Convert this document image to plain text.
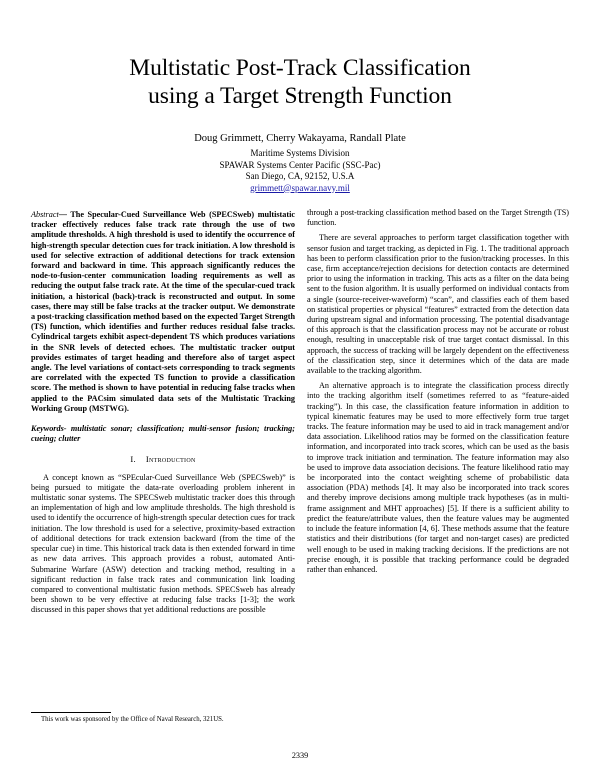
Multistatic Post-Track Classification
using a Target Strength Function
Doug Grimmett, Cherry Wakayama, Randall Plate
Maritime Systems Division
SPAWAR Systems Center Pacific (SSC-Pac)
San Diego, CA, 92152, U.S.A
grimmett@spawar.navy.mil

Abstract— The Specular-Cued Surveillance Web (SPECSweb) multistatic tracker effectively reduces false track rate through the use of two amplitude thresholds. A high threshold is used to identify the occurrence of high-strength specular detection cues for track initiation. A low threshold is used for selective extraction of additional detections for track extension forward and backward in time. This approach significantly reduces the node-to-fusion-center communication loading requirements as well as reducing the output false track rate. At the time of the specular-cued track initiation, a historical (back)-track is reconstructed and output. In some cases, there may still be false tracks at the tracker output. We demonstrate a post-tracking classification method based on the expected Target Strength (TS) function, which identifies and further reduces residual false tracks. Cylindrical targets exhibit aspect-dependent TS which produces variations in the SNR levels of detected echoes. The multistatic tracker output provides estimates of target heading and therefore also of target aspect angle. The level variations of contact-sets corresponding to track segments are correlated with the expected TS function to provide a classification score. The method is shown to have potential in reducing false tracks when applied to the PACsim simulated data sets of the Multistatic Tracking Working Group (MSTWG).

Keywords- multistatic sonar; classification; multi-sensor fusion; tracking; cueing; clutter

I. Introduction

A concept known as “SPEcular-Cued Surveillance Web (SPECSweb)” is being pursued to mitigate the data-rate overloading problem inherent in multistatic sonar systems. The SPECSweb multistatic tracker does this through an implementation of high and low amplitude thresholds. The high threshold is used to identify the occurrence of high-strength specular detection cues for track initiation. The low threshold is used for a selective, proximity-based extraction of additional detections for track extension backward (from the time of the specular cue) in time. This historical track data is then extended forward in time as new data arrives. This approach provides a robust, automated Anti-Submarine Warfare (ASW) detection and tracking method, resulting in a significant reduction in false track rates and communication link loading compared to conventional multistatic fusion methods. SPECSweb has already been shown to be very effective at reducing false tracks [1-3]; the work discussed in this paper shows that yet additional reductions are possible

through a post-tracking classification method based on the Target Strength (TS) function.

There are several approaches to perform target classification together with sensor fusion and target tracking, as depicted in Fig. 1. The traditional approach has been to perform classification prior to the fusion/tracking processes. In this case, firm acceptance/rejection decisions for detection contacts are determined prior to using the information in tracking. This acts as a filter on the data being sent to the fusion algorithm. It is usually performed on individual contacts from a single (source-receiver-waveform) “scan”, and classifies each of them based on statistical properties or physical “features” extracted from the detection data during upstream signal and information processing. The potential disadvantage of this approach is that the classification process may not be accurate or robust enough, resulting in unacceptable risk of true target contact dismissal. In this approach, the success of tracking will be largely dependent on the effectiveness of the classification step, since it determines which of the data are made available to the tracking algorithm.

An alternative approach is to integrate the classification process directly into the tracking algorithm itself (sometimes referred to as “feature-aided tracking”). In this case, the classification feature information in addition to typical kinematic features may be used to more effectively form true target tracks. The feature information may be used to aid in track management and/or data association. Likelihood ratios may be formed on the classification feature information, and incorporated into track scores, which can be used as the basis to improve track initiation and termination. The feature information may also be used to improve data association decisions. The feature likelihood ratio may be incorporated into the contact weighting scheme of probabilistic data association (PDA) methods [4]. It may also be incorporated into track scores and thereby improve decisions among multiple track hypotheses (as in multi-frame assignment and MHT approaches) [5]. If there is a sufficient ability to predict the feature/attribute values, then the feature values may be augmented to include the feature information [4, 6]. These methods assume that the feature statistics and their distributions (for target and non-target cases) are predicted well enough to be used in making tracking decisions. If the predictions are not precise enough, it is possible that tracking performance could be degraded rather than enhanced.

This work was sponsored by the Office of Naval Research, 321US.
2339
